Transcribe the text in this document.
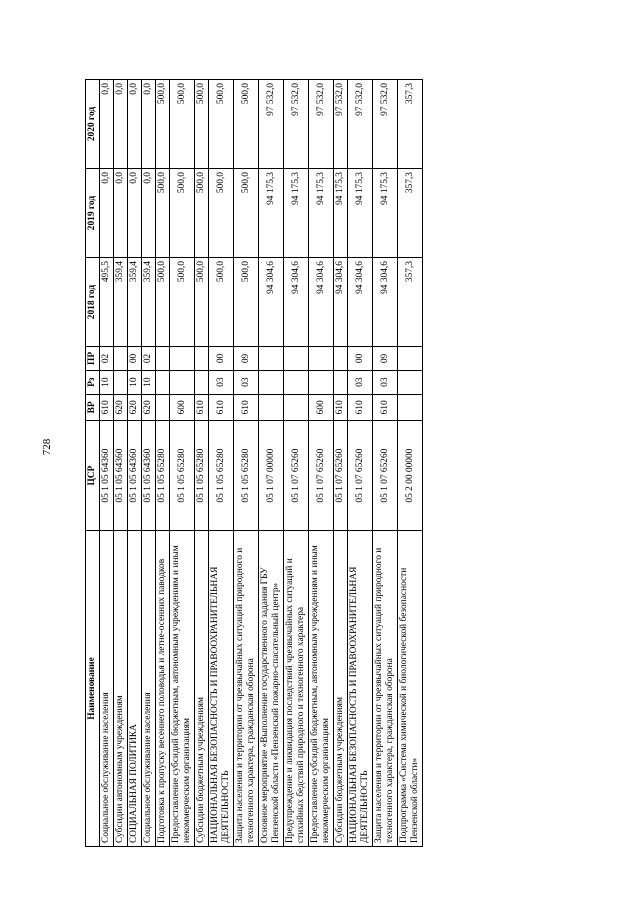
728
Наименование	ЦСР	ВР	Рз	ПР	2018 год	2019 год	2020 год
Социальное обслуживание населения	05 1 05 64360	610	10	02	495,5	0,0	0,0
Субсидии автономным учреждениям	05 1 05 64360	620			359,4	0,0	0,0
СОЦИАЛЬНАЯ ПОЛИТИКА	05 1 05 64360	620	10	00	359,4	0,0	0,0
Социальное обслуживание населения	05 1 05 64360	620	10	02	359,4	0,0	0,0
Подготовка к пропуску весеннего половодья и летне-осенних паводков	05 1 05 65280				500,0	500,0	500,0
Предоставление субсидий бюджетным, автономным учреждениям и иным некоммерческим организациям	05 1 05 65280	600			500,0	500,0	500,0
Субсидии бюджетным учреждениям	05 1 05 65280	610			500,0	500,0	500,0
НАЦИОНАЛЬНАЯ БЕЗОПАСНОСТЬ И ПРАВООХРАНИТЕЛЬНАЯ ДЕЯТЕЛЬНОСТЬ	05 1 05 65280	610	03	00	500,0	500,0	500,0
Защита населения и территории от чрезвычайных ситуаций природного и техногенного характера, гражданская оборона	05 1 05 65280	610	03	09	500,0	500,0	500,0
Основное мероприятие «Выполнение государственного задания ГБУ Пензенской области «Пензенский пожарно-спасательный центр»	05 1 07 00000				94 304,6	94 175,3	97 532,0
Предупреждение и ликвидация последствий чрезвычайных ситуаций и стихийных бедствий природного и техногенного характера	05 1 07 65260				94 304,6	94 175,3	97 532,0
Предоставление субсидий бюджетным, автономным учреждениям и иным некоммерческим организациям	05 1 07 65260	600			94 304,6	94 175,3	97 532,0
Субсидии бюджетным учреждениям	05 1 07 65260	610			94 304,6	94 175,3	97 532,0
НАЦИОНАЛЬНАЯ БЕЗОПАСНОСТЬ И ПРАВООХРАНИТЕЛЬНАЯ ДЕЯТЕЛЬНОСТЬ	05 1 07 65260	610	03	00	94 304,6	94 175,3	97 532,0
Защита населения и территории от чрезвычайных ситуаций природного и техногенного характера, гражданская оборона	05 1 07 65260	610	03	09	94 304,6	94 175,3	97 532,0
Подпрограмма «Система химической и биологической безопасности Пензенской области»	05 2 00 00000				357,3	357,3	357,3
